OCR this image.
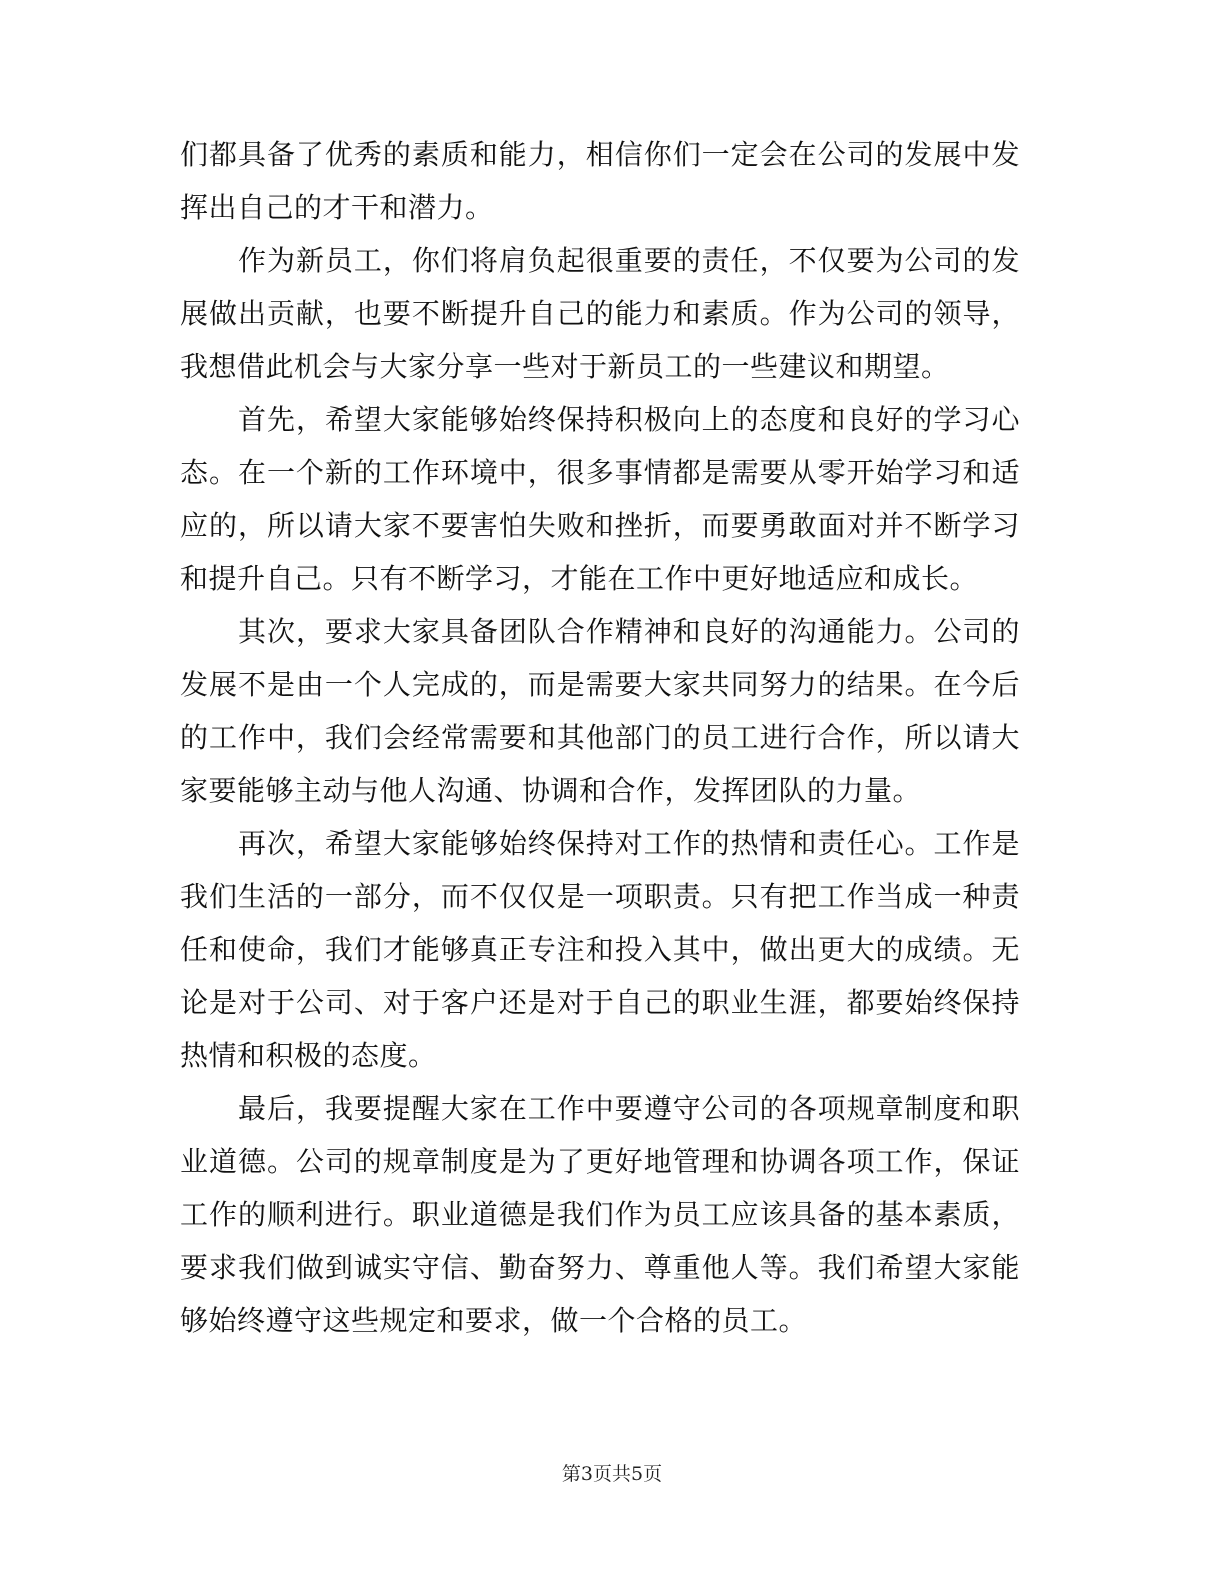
们都具备了优秀的素质和能力，相信你们一定会在公司的发展中发挥出自己的才干和潜力。

作为新员工，你们将肩负起很重要的责任，不仅要为公司的发展做出贡献，也要不断提升自己的能力和素质。作为公司的领导，我想借此机会与大家分享一些对于新员工的一些建议和期望。

首先，希望大家能够始终保持积极向上的态度和良好的学习心态。在一个新的工作环境中，很多事情都是需要从零开始学习和适应的，所以请大家不要害怕失败和挫折，而要勇敢面对并不断学习和提升自己。只有不断学习，才能在工作中更好地适应和成长。

其次，要求大家具备团队合作精神和良好的沟通能力。公司的发展不是由一个人完成的，而是需要大家共同努力的结果。在今后的工作中，我们会经常需要和其他部门的员工进行合作，所以请大家要能够主动与他人沟通、协调和合作，发挥团队的力量。

再次，希望大家能够始终保持对工作的热情和责任心。工作是我们生活的一部分，而不仅仅是一项职责。只有把工作当成一种责任和使命，我们才能够真正专注和投入其中，做出更大的成绩。无论是对于公司、对于客户还是对于自己的职业生涯，都要始终保持热情和积极的态度。

最后，我要提醒大家在工作中要遵守公司的各项规章制度和职业道德。公司的规章制度是为了更好地管理和协调各项工作，保证工作的顺利进行。职业道德是我们作为员工应该具备的基本素质，要求我们做到诚实守信、勤奋努力、尊重他人等。我们希望大家能够始终遵守这些规定和要求，做一个合格的员工。

第3页共5页
